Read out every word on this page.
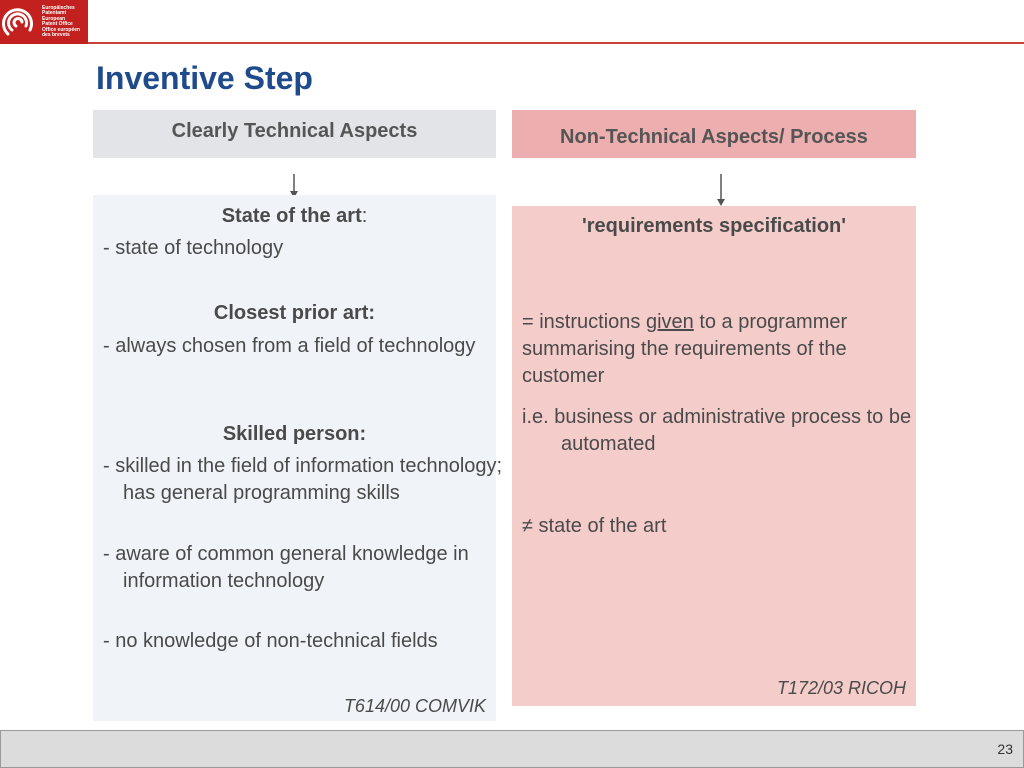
Europäisches
Patentamt
European
Patent Office
Office européen
des brevets
Inventive Step
Clearly Technical Aspects	Non-Technical Aspects/ Process
State of the art:
- state of technology
Closest prior art:
- always chosen from a field of technology
Skilled person:
- skilled in the field of information technology; has general programming skills
- aware of common general knowledge in information technology
- no knowledge of non-technical fields
T614/00 COMVIK
'requirements specification'
= instructions given to a programmer summarising the requirements of the customer
i.e. business or administrative process to be automated
≠ state of the art
T172/03 RICOH
23
